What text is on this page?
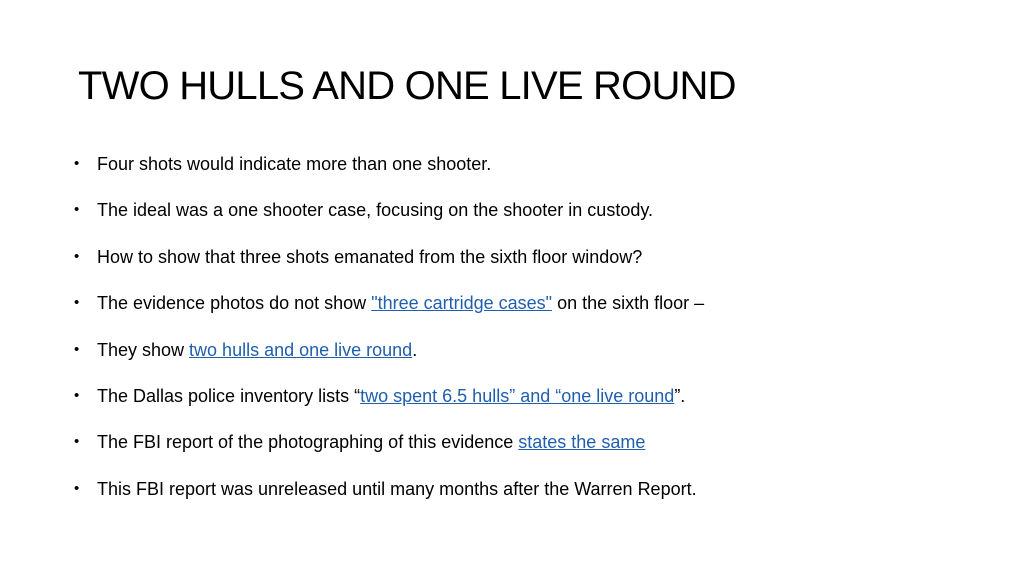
TWO HULLS AND ONE LIVE ROUND
• Four shots would indicate more than one shooter.
• The ideal was a one shooter case, focusing on the shooter in custody.
• How to show that three shots emanated from the sixth floor window?
• The evidence photos do not show "three cartridge cases" on the sixth floor –
• They show two hulls and one live round.
• The Dallas police inventory lists “two spent 6.5 hulls” and “one live round”.
• The FBI report of the photographing of this evidence states the same
• This FBI report was unreleased until many months after the Warren Report.
